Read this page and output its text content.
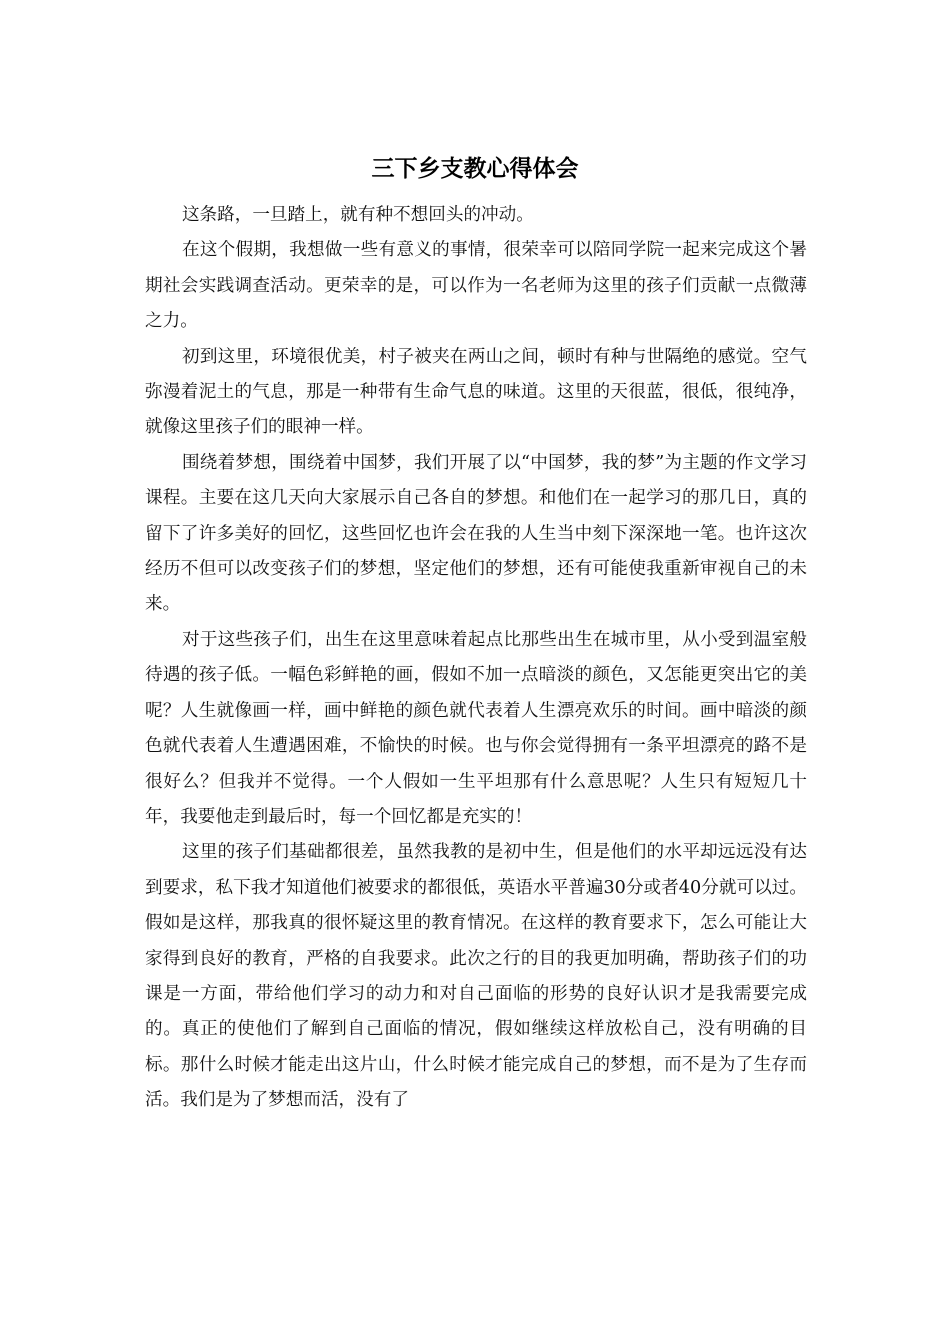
三下乡支教心得体会

这条路，一旦踏上，就有种不想回头的冲动。

在这个假期，我想做一些有意义的事情，很荣幸可以陪同学院一起来完成这个暑期社会实践调查活动。更荣幸的是，可以作为一名老师为这里的孩子们贡献一点微薄之力。

初到这里，环境很优美，村子被夹在两山之间，顿时有种与世隔绝的感觉。空气弥漫着泥土的气息，那是一种带有生命气息的味道。这里的天很蓝，很低，很纯净，就像这里孩子们的眼神一样。

围绕着梦想，围绕着中国梦，我们开展了以“中国梦，我的梦”为主题的作文学习课程。主要在这几天向大家展示自己各自的梦想。和他们在一起学习的那几日，真的留下了许多美好的回忆，这些回忆也许会在我的人生当中刻下深深地一笔。也许这次经历不但可以改变孩子们的梦想，坚定他们的梦想，还有可能使我重新审视自己的未来。

对于这些孩子们，出生在这里意味着起点比那些出生在城市里，从小受到温室般待遇的孩子低。一幅色彩鲜艳的画，假如不加一点暗淡的颜色，又怎能更突出它的美呢？人生就像画一样，画中鲜艳的颜色就代表着人生漂亮欢乐的时间。画中暗淡的颜色就代表着人生遭遇困难，不愉快的时候。也与你会觉得拥有一条平坦漂亮的路不是很好么？但我并不觉得。一个人假如一生平坦那有什么意思呢？人生只有短短几十年，我要他走到最后时，每一个回忆都是充实的！

这里的孩子们基础都很差，虽然我教的是初中生，但是他们的水平却远远没有达到要求，私下我才知道他们被要求的都很低，英语水平普遍30分或者40分就可以过。假如是这样，那我真的很怀疑这里的教育情况。在这样的教育要求下，怎么可能让大家得到良好的教育，严格的自我要求。此次之行的目的我更加明确，帮助孩子们的功课是一方面，带给他们学习的动力和对自己面临的形势的良好认识才是我需要完成的。真正的使他们了解到自己面临的情况，假如继续这样放松自己，没有明确的目标。那什么时候才能走出这片山，什么时候才能完成自己的梦想，而不是为了生存而活。我们是为了梦想而活，没有了
